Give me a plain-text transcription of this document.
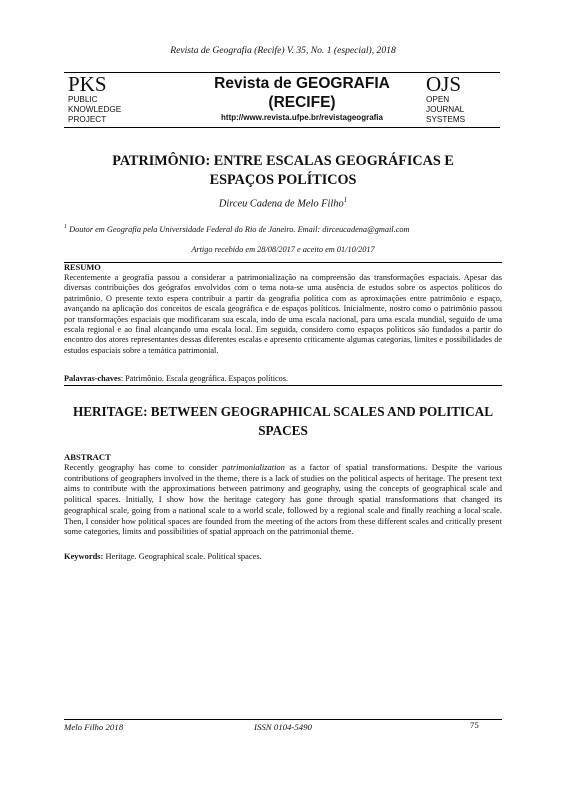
Revista de Geografia (Recife) V. 35, No. 1 (especial), 2018
PKS
PUBLIC
KNOWLEDGE
PROJECT
Revista de GEOGRAFIA
(RECIFE)
http://www.revista.ufpe.br/revistageografia
OJS
OPEN
JOURNAL
SYSTEMS
PATRIMÔNIO: ENTRE ESCALAS GEOGRÁFICAS E
ESPAÇOS POLÍTICOS
Dirceu Cadena de Melo Filho$^1$
$^1$ Doutor em Geografia pela Universidade Federal do Rio de Janeiro. Email: dirceucadena@gmail.com
Artigo recebido em 28/08/2017 e aceito em 01/10/2017
RESUMO
Recentemente a geografia passou a considerar a patrimonialização na compreensão das transformações espaciais. Apesar das diversas contribuições dos geógrafos envolvidos com o tema nota-se uma ausência de estudos sobre os aspectos políticos do patrimônio. O presente texto espera contribuir a partir da geografia política com as aproximações entre patrimônio e espaço, avançando na aplicação dos conceitos de escala geográfica e de espaços políticos. Inicialmente, nostro como o patrimônio passou por transformações espaciais que modificaram sua escala, indo de uma escala nacional, para uma escala mundial, seguido de uma escala regional e ao final alcançando uma escala local. Em seguida, considero como espaços políticos são fundados a partir do encontro dos atores representantes dessas diferentes escalas e apresento criticamente algumas categorias, limites e possibilidades de estudos espaciais sobre a temática patrimonial.
Palavras-chaves: Patrimônio. Escala geográfica. Espaços políticos.
HERITAGE: BETWEEN GEOGRAPHICAL SCALES AND POLITICAL
SPACES
ABSTRACT
Recently geography has come to consider patrimonialization as a factor of spatial transformations. Despite the various contributions of geographers involved in the theme, there is a lack of studies on the political aspects of heritage. The present text aims to contribute with the approximations between patrimony and geography, using the concepts of geographical scale and political spaces. Initially, I show how the heritage category has gone through spatial transformations that changed its geographical scale, going from a national scale to a world scale, followed by a regional scale and finally reaching a local scale. Then, I consider how political spaces are founded from the meeting of the actors from these different scales and critically present some categories, limits and possibilities of spatial approach on the patrimonial theme.
Keywords: Heritage. Geographical scale. Political spaces.
Melo Filho 2018	ISSN 0104-5490	75
